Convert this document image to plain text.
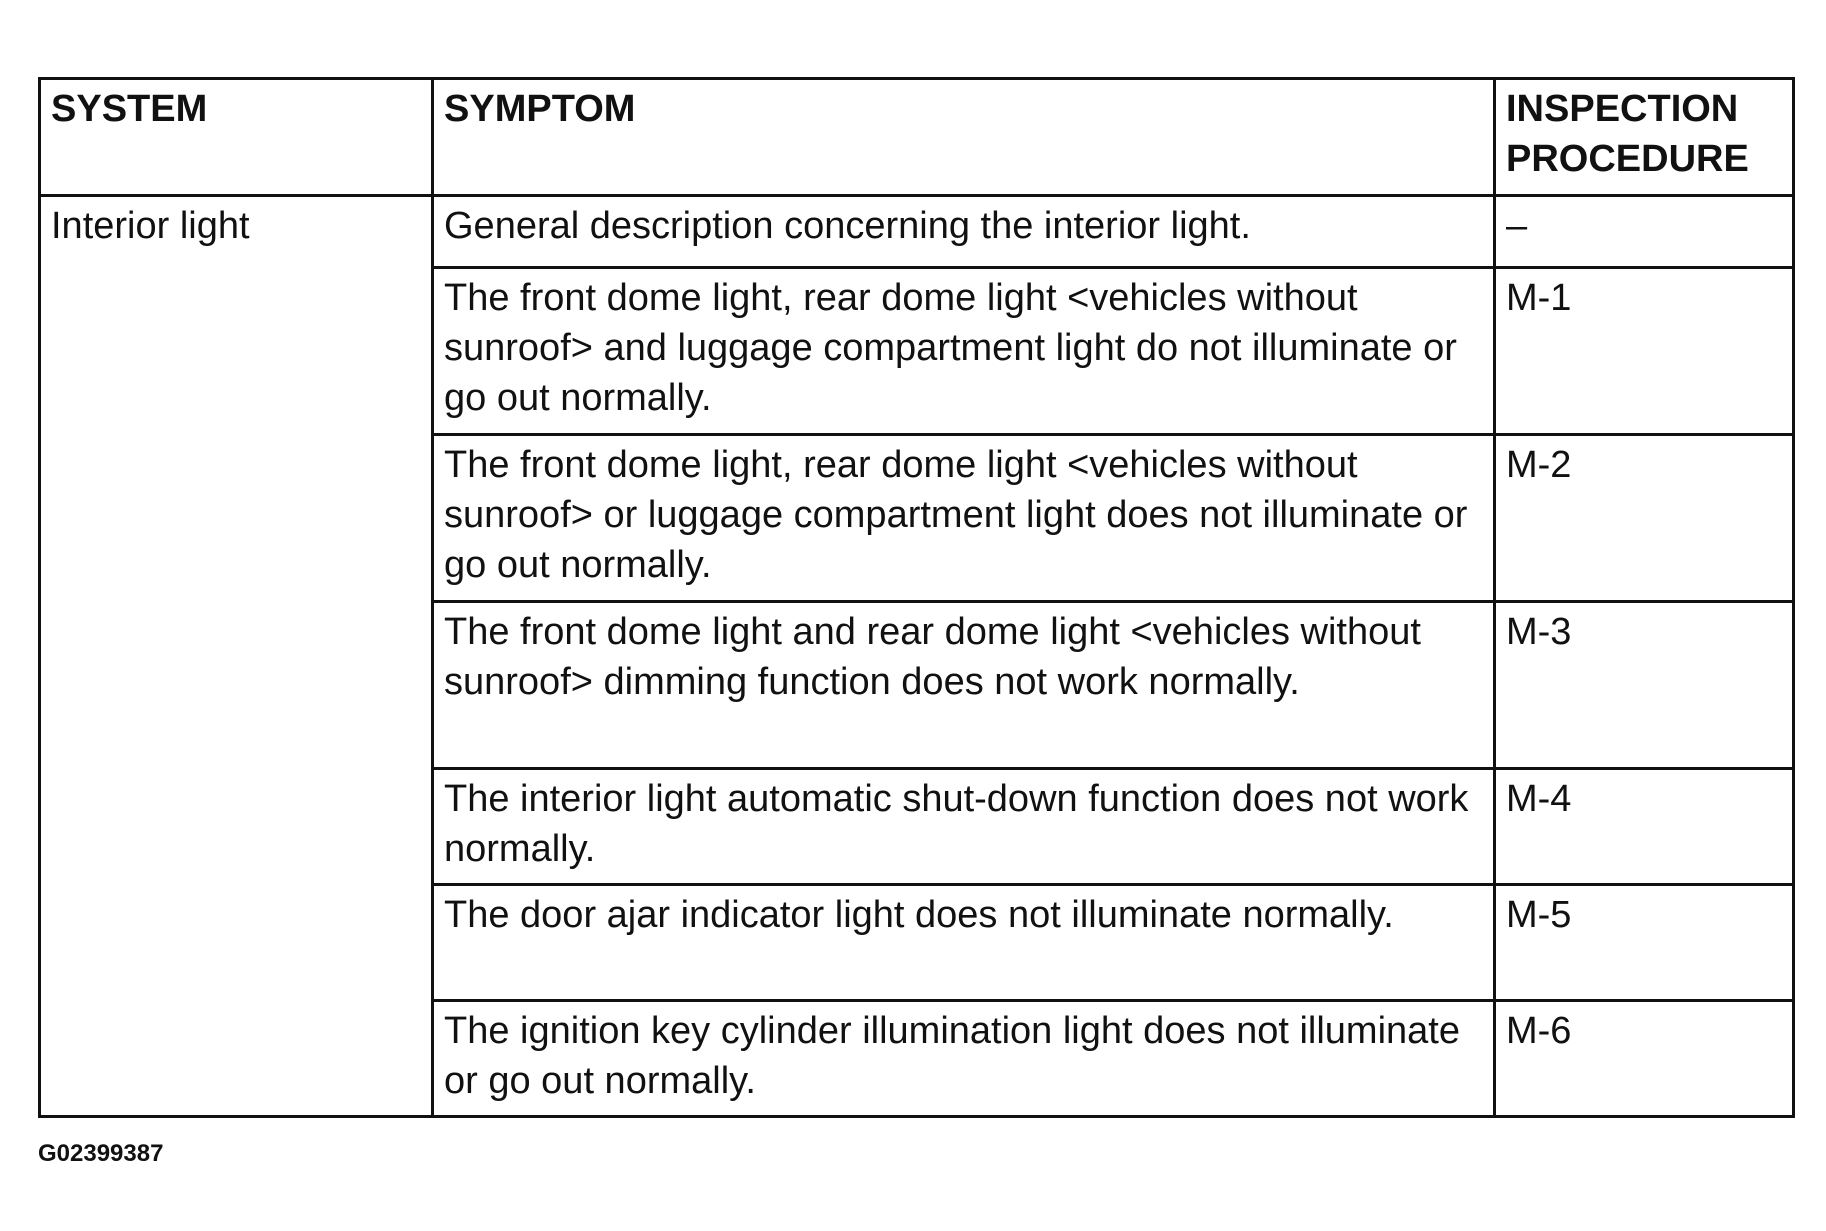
SYSTEM	SYMPTOM	INSPECTION PROCEDURE
Interior light	General description concerning the interior light.	–
	The front dome light, rear dome light <vehicles without sunroof> and luggage compartment light do not illuminate or go out normally.	M-1
	The front dome light, rear dome light <vehicles without sunroof> or luggage compartment light does not illuminate or go out normally.	M-2
	The front dome light and rear dome light <vehicles without sunroof> dimming function does not work normally.	M-3
	The interior light automatic shut-down function does not work normally.	M-4
	The door ajar indicator light does not illuminate normally.	M-5
	The ignition key cylinder illumination light does not illuminate or go out normally.	M-6
G02399387
